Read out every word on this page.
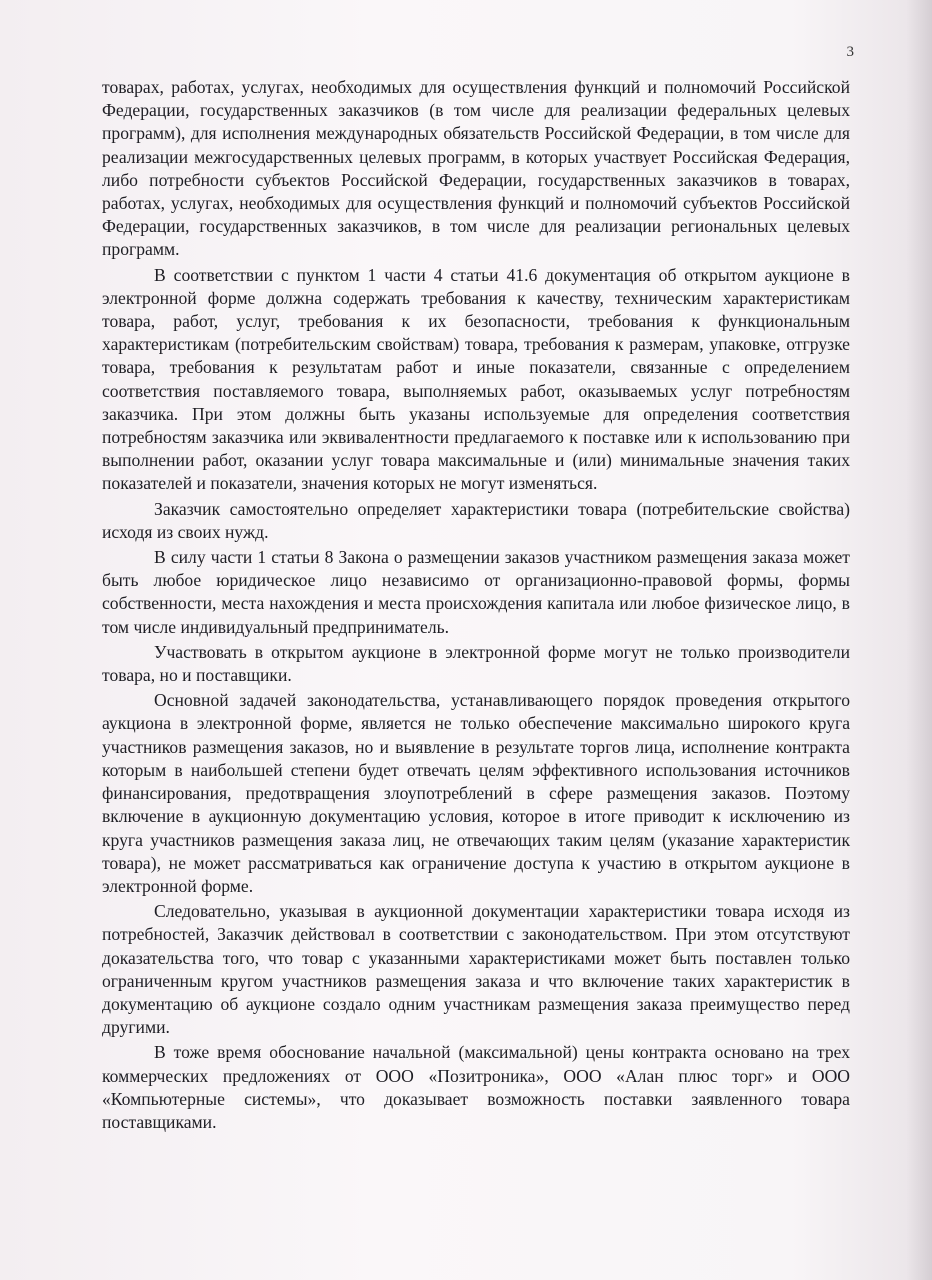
3

товарах, работах, услугах, необходимых для осуществления функций и полномочий Российской Федерации, государственных заказчиков (в том числе для реализации федеральных целевых программ), для исполнения международных обязательств Российской Федерации, в том числе для реализации межгосударственных целевых программ, в которых участвует Российская Федерация, либо потребности субъектов Российской Федерации, государственных заказчиков в товарах, работах, услугах, необходимых для осуществления функций и полномочий субъектов Российской Федерации, государственных заказчиков, в том числе для реализации региональных целевых программ.

В соответствии с пунктом 1 части 4 статьи 41.6 документация об открытом аукционе в электронной форме должна содержать требования к качеству, техническим характеристикам товара, работ, услуг, требования к их безопасности, требования к функциональным характеристикам (потребительским свойствам) товара, требования к размерам, упаковке, отгрузке товара, требования к результатам работ и иные показатели, связанные с определением соответствия поставляемого товара, выполняемых работ, оказываемых услуг потребностям заказчика. При этом должны быть указаны используемые для определения соответствия потребностям заказчика или эквивалентности предлагаемого к поставке или к использованию при выполнении работ, оказании услуг товара максимальные и (или) минимальные значения таких показателей и показатели, значения которых не могут изменяться.

Заказчик самостоятельно определяет характеристики товара (потребительские свойства) исходя из своих нужд.

В силу части 1 статьи 8 Закона о размещении заказов участником размещения заказа может быть любое юридическое лицо независимо от организационно-правовой формы, формы собственности, места нахождения и места происхождения капитала или любое физическое лицо, в том числе индивидуальный предприниматель.

Участвовать в открытом аукционе в электронной форме могут не только производители товара, но и поставщики.

Основной задачей законодательства, устанавливающего порядок проведения открытого аукциона в электронной форме, является не только обеспечение максимально широкого круга участников размещения заказов, но и выявление в результате торгов лица, исполнение контракта которым в наибольшей степени будет отвечать целям эффективного использования источников финансирования, предотвращения злоупотреблений в сфере размещения заказов. Поэтому включение в аукционную документацию условия, которое в итоге приводит к исключению из круга участников размещения заказа лиц, не отвечающих таким целям (указание характеристик товара), не может рассматриваться как ограничение доступа к участию в открытом аукционе в электронной форме.

Следовательно, указывая в аукционной документации характеристики товара исходя из потребностей, Заказчик действовал в соответствии с законодательством. При этом отсутствуют доказательства того, что товар с указанными характеристиками может быть поставлен только ограниченным кругом участников размещения заказа и что включение таких характеристик в документацию об аукционе создало одним участникам размещения заказа преимущество перед другими.

В тоже время обоснование начальной (максимальной) цены контракта основано на трех коммерческих предложениях от ООО «Позитроника», ООО «Алан плюс торг» и ООО «Компьютерные системы», что доказывает возможность поставки заявленного товара поставщиками.
